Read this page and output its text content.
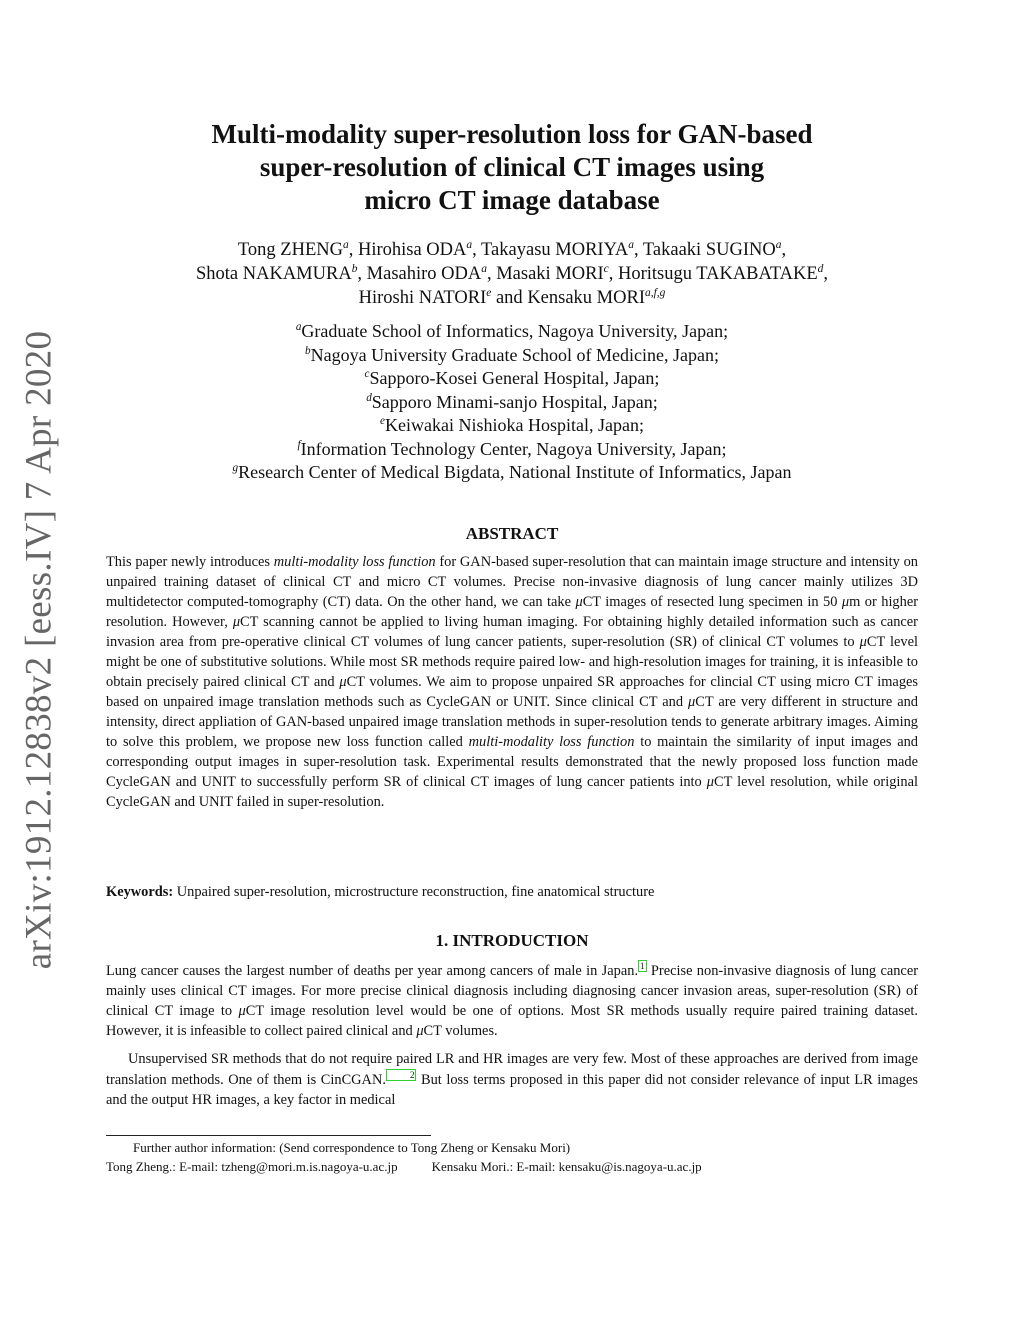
arXiv:1912.12838v2 [eess.IV] 7 Apr 2020
Multi-modality super-resolution loss for GAN-based
super-resolution of clinical CT images using
micro CT image database
Tong ZHENG$^a$, Hirohisa ODA$^a$, Takayasu MORIYA$^a$, Takaaki SUGINO$^a$,
Shota NAKAMURA$^b$, Masahiro ODA$^a$, Masaki MORI$^c$, Horitsugu TAKABATAKE$^d$,
Hiroshi NATORI$^e$ and Kensaku MORI$^{a,f,g}$
$^a$Graduate School of Informatics, Nagoya University, Japan;
$^b$Nagoya University Graduate School of Medicine, Japan;
$^c$Sapporo-Kosei General Hospital, Japan;
$^d$Sapporo Minami-sanjo Hospital, Japan;
$^e$Keiwakai Nishioka Hospital, Japan;
$^f$Information Technology Center, Nagoya University, Japan;
$^g$Research Center of Medical Bigdata, National Institute of Informatics, Japan
ABSTRACT
This paper newly introduces multi-modality loss function for GAN-based super-resolution that can maintain image structure and intensity on unpaired training dataset of clinical CT and micro CT volumes. Precise non-invasive diagnosis of lung cancer mainly utilizes 3D multidetector computed-tomography (CT) data. On the other hand, we can take μCT images of resected lung specimen in 50 μm or higher resolution. However, μCT scanning cannot be applied to living human imaging. For obtaining highly detailed information such as cancer invasion area from pre-operative clinical CT volumes of lung cancer patients, super-resolution (SR) of clinical CT volumes to μCT level might be one of substitutive solutions. While most SR methods require paired low- and high-resolution images for training, it is infeasible to obtain precisely paired clinical CT and μCT volumes. We aim to propose unpaired SR approaches for clincial CT using micro CT images based on unpaired image translation methods such as CycleGAN or UNIT. Since clinical CT and μCT are very different in structure and intensity, direct appliation of GAN-based unpaired image translation methods in super-resolution tends to generate arbitrary images. Aiming to solve this problem, we propose new loss function called multi-modality loss function to maintain the similarity of input images and corresponding output images in super-resolution task. Experimental results demonstrated that the newly proposed loss function made CycleGAN and UNIT to successfully perform SR of clinical CT images of lung cancer patients into μCT level resolution, while original CycleGAN and UNIT failed in super-resolution.
Keywords: Unpaired super-resolution, microstructure reconstruction, fine anatomical structure
1. INTRODUCTION

Lung cancer causes the largest number of deaths per year among cancers of male in Japan. 1 Precise non-invasive diagnosis of lung cancer mainly uses clinical CT images. For more precise clinical diagnosis including diagnosing cancer invasion areas, super-resolution (SR) of clinical CT image to μCT image resolution level would be one of options. Most SR methods usually require paired training dataset. However, it is infeasible to collect paired clinical and μCT volumes.

Unsupervised SR methods that do not require paired LR and HR images are very few. Most of these approaches are derived from image translation methods. One of them is CinCGAN.	2 But loss terms proposed in this paper did not consider relevance of input LR images and the output HR images, a key factor in medical

Further author information: (Send correspondence to Tong Zheng or Kensaku Mori)
Tong Zheng.: E-mail: tzheng@mori.m.is.nagoya-u.ac.jp	Kensaku Mori.: E-mail: kensaku@is.nagoya-u.ac.jp
